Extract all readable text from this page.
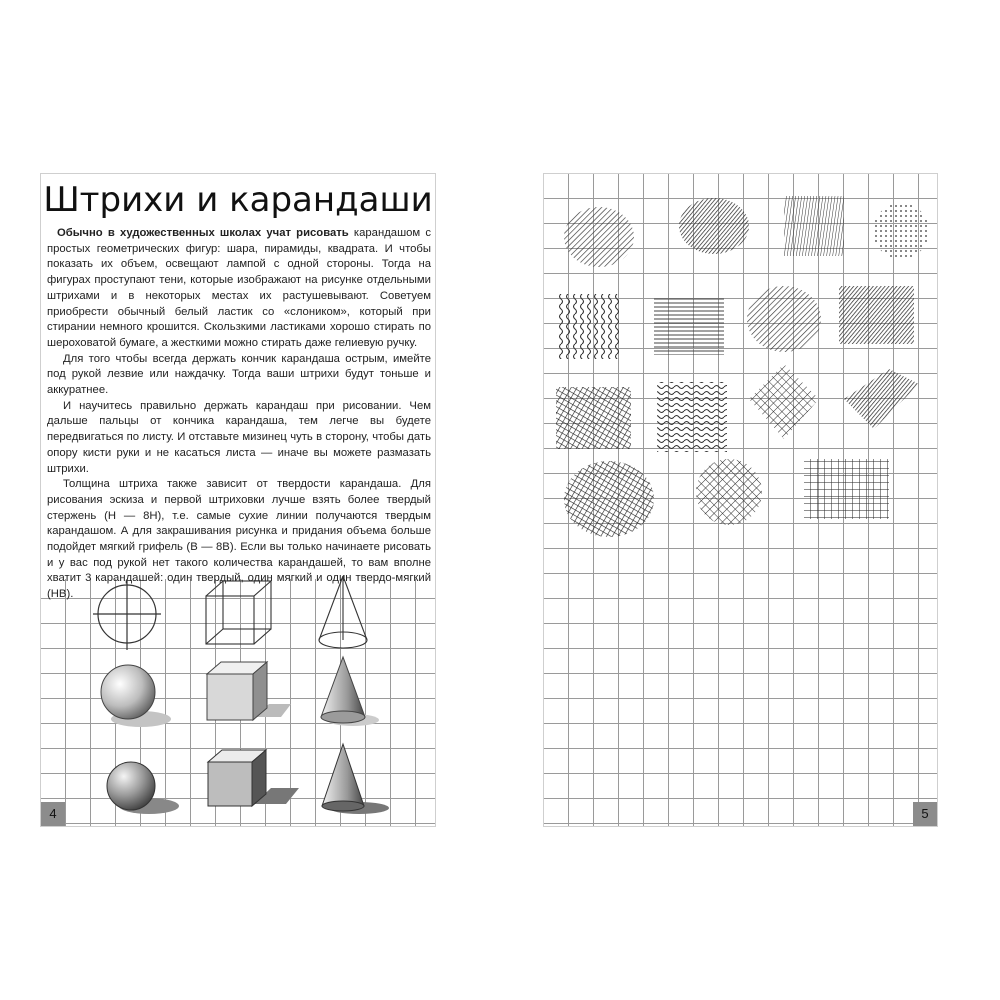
Штрихи и карандаши

Обычно в художественных школах учат рисовать карандашом с простых геометрических фигур: шара, пирамиды, квадрата. И чтобы показать их объем, освещают лампой с одной стороны. Тогда на фигурах проступают тени, которые изображают на рисунке отдельными штрихами и в некоторых местах их растушевывают. Советуем приобрести обычный белый ластик со «слоником», который при стирании немного крошится. Скользкими ластиками хорошо стирать по шероховатой бумаге, а жесткими можно стирать даже гелиевую ручку.

Для того чтобы всегда держать кончик карандаша острым, имейте под рукой лезвие или наждачку. Тогда ваши штрихи будут тоньше и аккуратнее.

И научитесь правильно держать карандаш при рисовании. Чем дальше пальцы от кончика карандаша, тем легче вы будете передвигаться по листу. И отставьте мизинец чуть в сторону, чтобы дать опору кисти руки и не касаться листа — иначе вы можете размазать штрихи.

Толщина штриха также зависит от твердости карандаша. Для рисования эскиза и первой штриховки лучше взять более твердый стержень (Н — 8Н), т.е. самые сухие линии получаются твердым карандашом. А для закрашивания рисунка и придания объема больше подойдет мягкий грифель (В — 8В). Если вы только начинаете рисовать и у вас под рукой нет такого количества карандашей, то вам вполне хватит 3 карандашей: один твердый, один мягкий и один твердо-мягкий (НВ).

4	5
